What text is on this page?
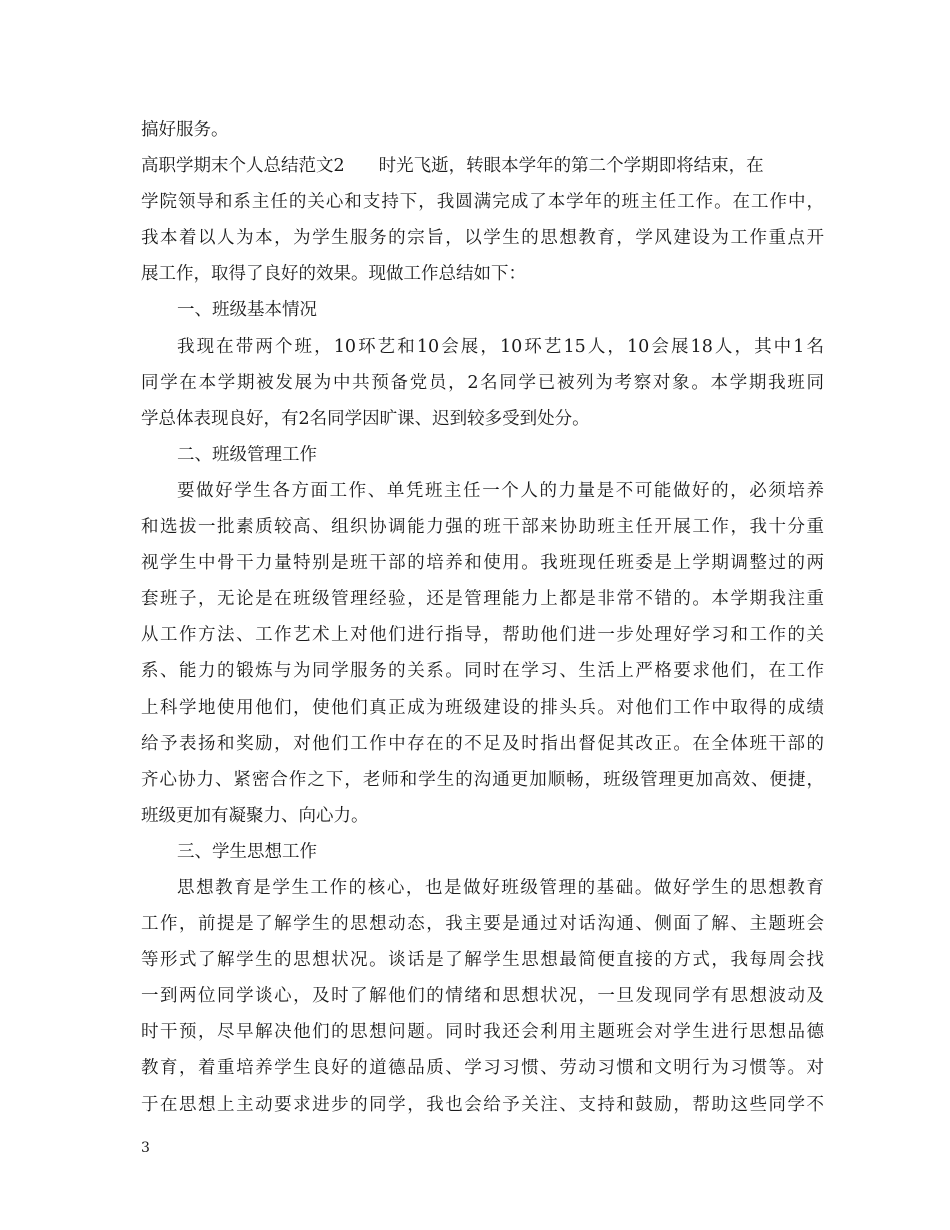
搞好服务。
高职学期末个人总结范文2 时光飞逝，转眼本学年的第二个学期即将结束，在
学院领导和系主任的关心和支持下，我圆满完成了本学年的班主任工作。在工作中，
我本着以人为本，为学生服务的宗旨，以学生的思想教育，学风建设为工作重点开
展工作，取得了良好的效果。现做工作总结如下：
一、班级基本情况
我现在带两个班，10环艺和10会展，10环艺15人，10会展18人，其中1名
同学在本学期被发展为中共预备党员，2名同学已被列为考察对象。本学期我班同
学总体表现良好，有2名同学因旷课、迟到较多受到处分。
二、班级管理工作
要做好学生各方面工作、单凭班主任一个人的力量是不可能做好的，必须培养
和选拔一批素质较高、组织协调能力强的班干部来协助班主任开展工作，我十分重
视学生中骨干力量特别是班干部的培养和使用。我班现任班委是上学期调整过的两
套班子，无论是在班级管理经验，还是管理能力上都是非常不错的。本学期我注重
从工作方法、工作艺术上对他们进行指导，帮助他们进一步处理好学习和工作的关
系、能力的锻炼与为同学服务的关系。同时在学习、生活上严格要求他们，在工作
上科学地使用他们，使他们真正成为班级建设的排头兵。对他们工作中取得的成绩
给予表扬和奖励，对他们工作中存在的不足及时指出督促其改正。在全体班干部的
齐心协力、紧密合作之下，老师和学生的沟通更加顺畅，班级管理更加高效、便捷，
班级更加有凝聚力、向心力。
三、学生思想工作
思想教育是学生工作的核心，也是做好班级管理的基础。做好学生的思想教育
工作，前提是了解学生的思想动态，我主要是通过对话沟通、侧面了解、主题班会
等形式了解学生的思想状况。谈话是了解学生思想最简便直接的方式，我每周会找
一到两位同学谈心，及时了解他们的情绪和思想状况，一旦发现同学有思想波动及
时干预，尽早解决他们的思想问题。同时我还会利用主题班会对学生进行思想品德
教育，着重培养学生良好的道德品质、学习习惯、劳动习惯和文明行为习惯等。对
于在思想上主动要求进步的同学，我也会给予关注、支持和鼓励，帮助这些同学不
3
